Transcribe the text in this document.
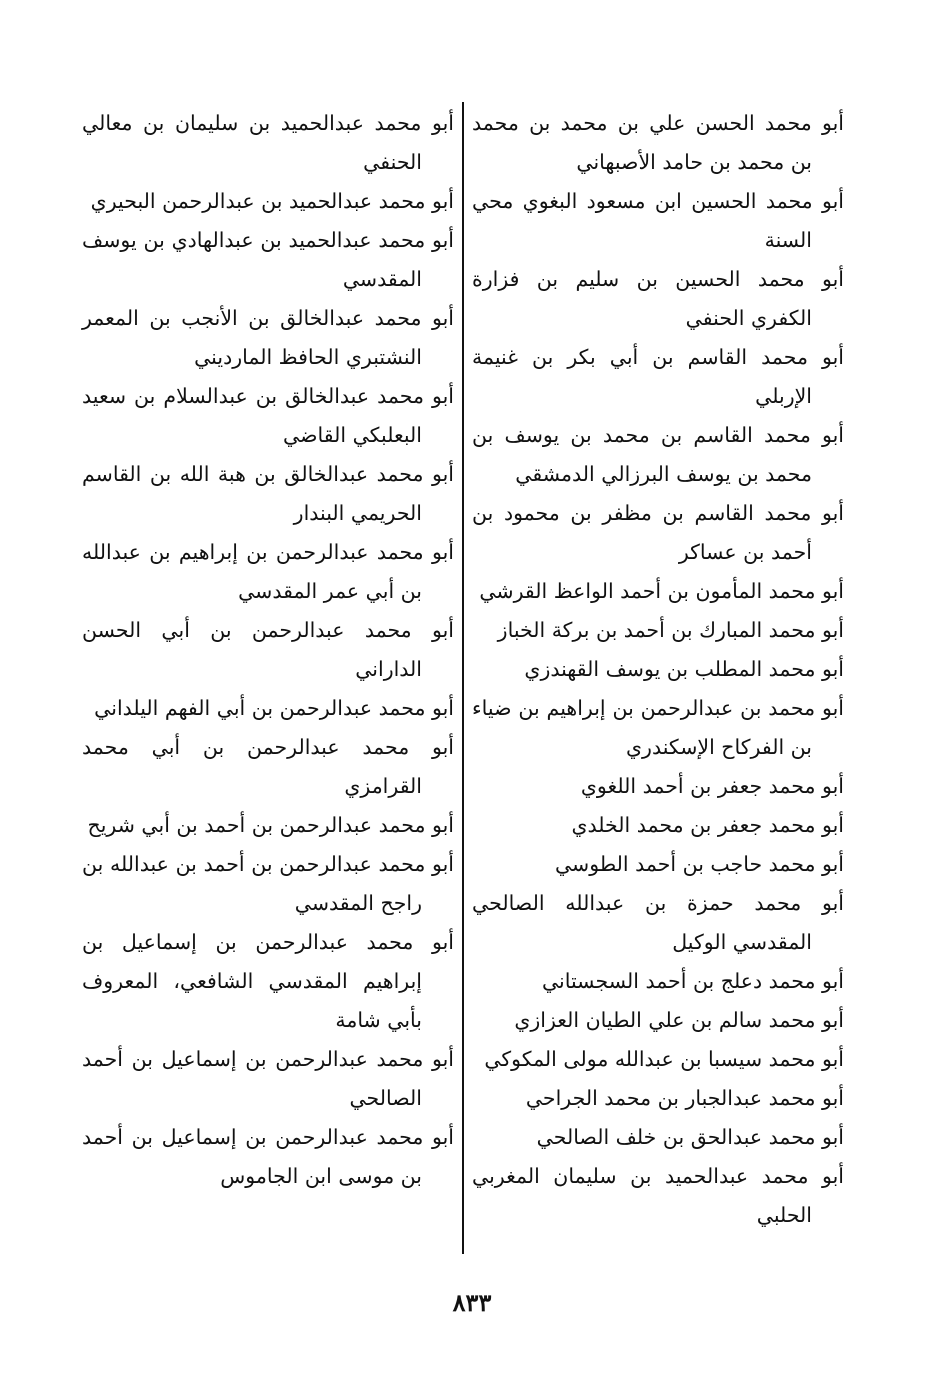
أبو محمد الحسن علي بن محمد بن محمد بن محمد بن حامد الأصبهاني

أبو محمد الحسين ابن مسعود البغوي محي السنة

أبو محمد الحسين بن سليم بن فزارة الكفري الحنفي

أبو محمد القاسم بن أبي بكر بن غنيمة الإربلي

أبو محمد القاسم بن محمد بن يوسف بن محمد بن يوسف البرزالي الدمشقي

أبو محمد القاسم بن مظفر بن محمود بن أحمد بن عساكر

أبو محمد المأمون بن أحمد الواعظ القرشي

أبو محمد المبارك بن أحمد بن بركة الخباز

أبو محمد المطلب بن يوسف القهندزي

أبو محمد بن عبدالرحمن بن إبراهيم بن ضياء بن الفركاح الإسكندري

أبو محمد جعفر بن أحمد اللغوي

أبو محمد جعفر بن محمد الخلدي

أبو محمد حاجب بن أحمد الطوسي

أبو محمد حمزة بن عبدالله الصالحي المقدسي الوكيل

أبو محمد دعلج بن أحمد السجستاني

أبو محمد سالم بن علي الطيان العزازي

أبو محمد سيسبا بن عبدالله مولى المكوكي

أبو محمد عبدالجبار بن محمد الجراحي

أبو محمد عبدالحق بن خلف الصالحي

أبو محمد عبدالحميد بن سليمان المغربي الحلبي

أبو محمد عبدالحميد بن سليمان بن معالي الحنفي

أبو محمد عبدالحميد بن عبدالرحمن البحيري

أبو محمد عبدالحميد بن عبدالهادي بن يوسف المقدسي

أبو محمد عبدالخالق بن الأنجب بن المعمر النشتبري الحافظ المارديني

أبو محمد عبدالخالق بن عبدالسلام بن سعيد البعلبكي القاضي

أبو محمد عبدالخالق بن هبة الله بن القاسم الحريمي البندار

أبو محمد عبدالرحمن بن إبراهيم بن عبدالله بن أبي عمر المقدسي

أبو محمد عبدالرحمن بن أبي الحسن الداراني

أبو محمد عبدالرحمن بن أبي الفهم اليلداني

أبو محمد عبدالرحمن بن أبي محمد القرامزي

أبو محمد عبدالرحمن بن أحمد بن أبي شريح

أبو محمد عبدالرحمن بن أحمد بن عبدالله بن راجح المقدسي

أبو محمد عبدالرحمن بن إسماعيل بن إبراهيم المقدسي الشافعي، المعروف بأبي شامة

أبو محمد عبدالرحمن بن إسماعيل بن أحمد الصالحي

أبو محمد عبدالرحمن بن إسماعيل بن أحمد بن موسى ابن الجاموس

٨٣٣
